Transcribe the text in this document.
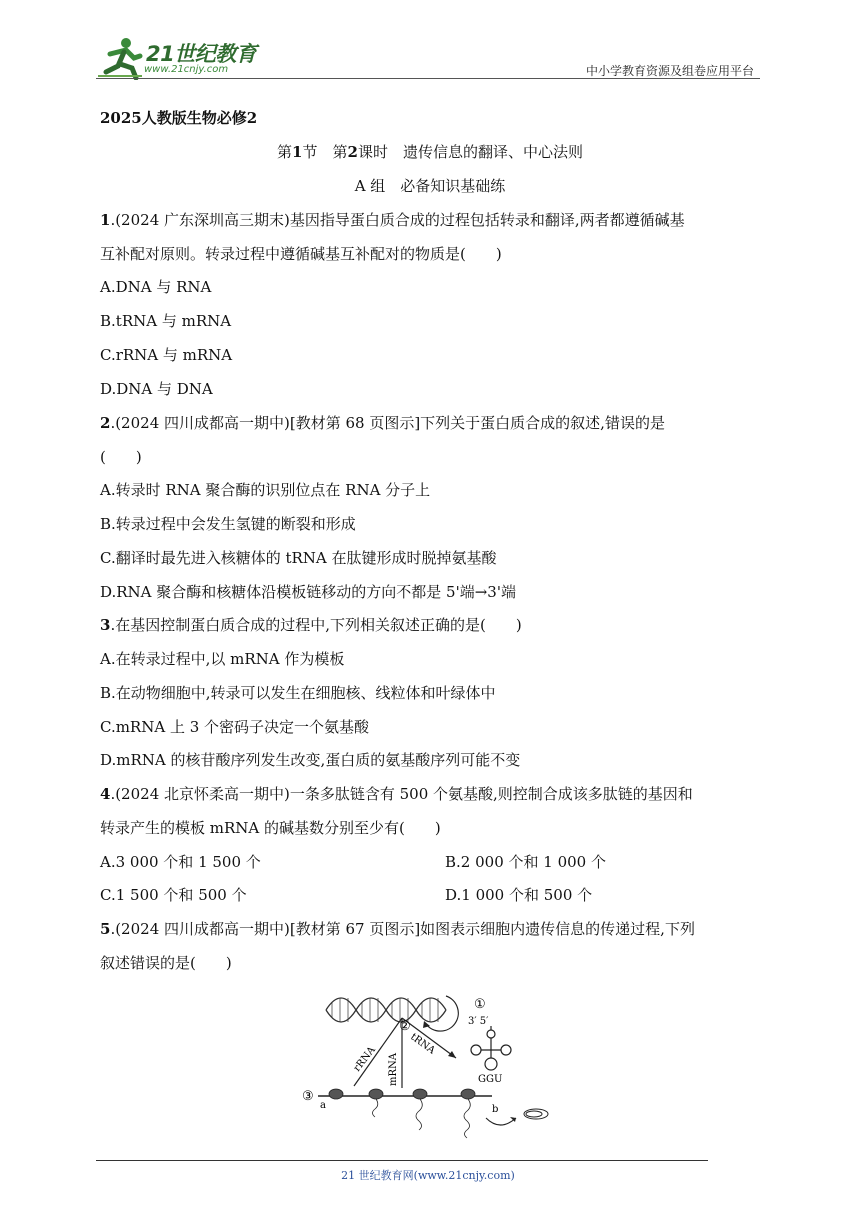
21世纪教育
www.21cnjy.com	中小学教育资源及组卷应用平台
2025人教版生物必修2
第1节　第2课时　遗传信息的翻译、中心法则
A 组　必备知识基础练
1.(2024 广东深圳高三期末)基因指导蛋白质合成的过程包括转录和翻译,两者都遵循碱基
互补配对原则。转录过程中遵循碱基互补配对的物质是(　　)
A.DNA 与 RNA
B.tRNA 与 mRNA
C.rRNA 与 mRNA
D.DNA 与 DNA
2.(2024 四川成都高一期中)[教材第 68 页图示]下列关于蛋白质合成的叙述,错误的是
(　　)
A.转录时 RNA 聚合酶的识别位点在 RNA 分子上
B.转录过程中会发生氢键的断裂和形成
C.翻译时最先进入核糖体的 tRNA 在肽键形成时脱掉氨基酸
D.RNA 聚合酶和核糖体沿模板链移动的方向不都是 5'端→3'端
3.在基因控制蛋白质合成的过程中,下列相关叙述正确的是(　　)
A.在转录过程中,以 mRNA 作为模板
B.在动物细胞中,转录可以发生在细胞核、线粒体和叶绿体中
C.mRNA 上 3 个密码子决定一个氨基酸
D.mRNA 的核苷酸序列发生改变,蛋白质的氨基酸序列可能不变
4.(2024 北京怀柔高一期中)一条多肽链含有 500 个氨基酸,则控制合成该多肽链的基因和
转录产生的模板 mRNA 的碱基数分别至少有(　　)
A.3 000 个和 1 500 个	B.2 000 个和 1 000 个
C.1 500 个和 500 个	D.1 000 个和 500 个
5.(2024 四川成都高一期中)[教材第 67 页图示]如图表示细胞内遗传信息的传递过程,下列
叙述错误的是(　　)
①
②
rRNA mRNA
tRNA
3′ 5′
GGU
③
a	b
21 世纪教育网(www.21cnjy.com)
